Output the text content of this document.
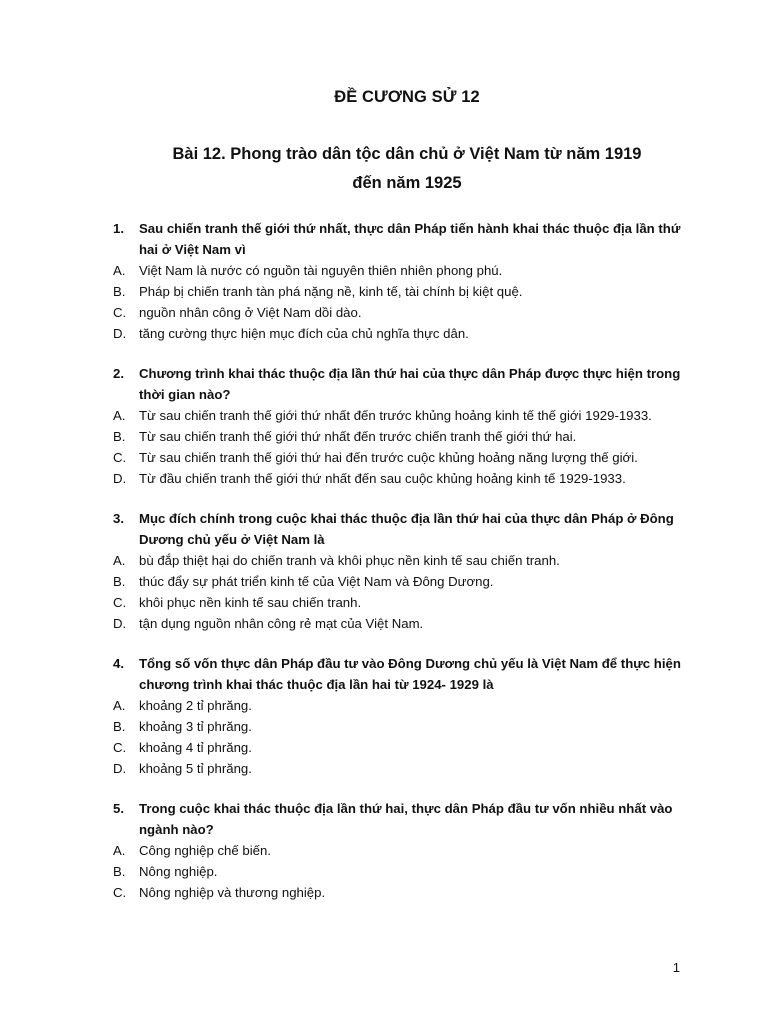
ĐỀ CƯƠNG SỬ 12
Bài 12. Phong trào dân tộc dân chủ ở Việt Nam từ năm 1919
đến năm 1925
1.	Sau chiến tranh thế giới thứ nhất, thực dân Pháp tiến hành khai thác thuộc địa lần thứ hai ở Việt Nam vì
A.	Việt Nam là nước có nguồn tài nguyên thiên nhiên phong phú.
B.	Pháp bị chiến tranh tàn phá nặng nề, kinh tế, tài chính bị kiệt quệ.
C. nguồn nhân công ở Việt Nam dồi dào.
D. tăng cường thực hiện mục đích của chủ nghĩa thực dân.
2.	Chương trình khai thác thuộc địa lần thứ hai của thực dân Pháp được thực hiện trong thời gian nào?
A.	Từ sau chiến tranh thế giới thứ nhất đến trước khủng hoảng kinh tế thế giới 1929-1933.
B.	Từ sau chiến tranh thế giới thứ nhất đến trước chiến tranh thế giới thứ hai.
C. Từ sau chiến tranh thế giới thứ hai đến trước cuộc khủng hoảng năng lượng thế giới.
D. Từ đầu chiến tranh thế giới thứ nhất đến sau cuộc khủng hoảng kinh tế 1929-1933.
3.	Mục đích chính trong cuộc khai thác thuộc địa lần thứ hai của thực dân Pháp ở Đông Dương chủ yếu ở Việt Nam là
A.	bù đắp thiệt hại do chiến tranh và khôi phục nền kinh tế sau chiến tranh.
B.	thúc đẩy sự phát triển kinh tế của Việt Nam và Đông Dương.
C. khôi phục nền kinh tế sau chiến tranh.
D. tận dụng nguồn nhân công rẻ mạt của Việt Nam.
4.	Tổng số vốn thực dân Pháp đầu tư vào Đông Dương chủ yếu là Việt Nam để thực hiện chương trình khai thác thuộc địa lần hai từ 1924- 1929 là
A.	khoảng 2 tỉ phrăng.
B.	khoảng 3 tỉ phrăng.
C. khoảng 4 tỉ phrăng.
D. khoảng 5 tỉ phrăng.
5.	Trong cuộc khai thác thuộc địa lần thứ hai, thực dân Pháp đầu tư vốn nhiều nhất vào ngành nào?
A.	Công nghiệp chế biến.
B.	Nông nghiệp.
C. Nông nghiệp và thương nghiệp.
1
